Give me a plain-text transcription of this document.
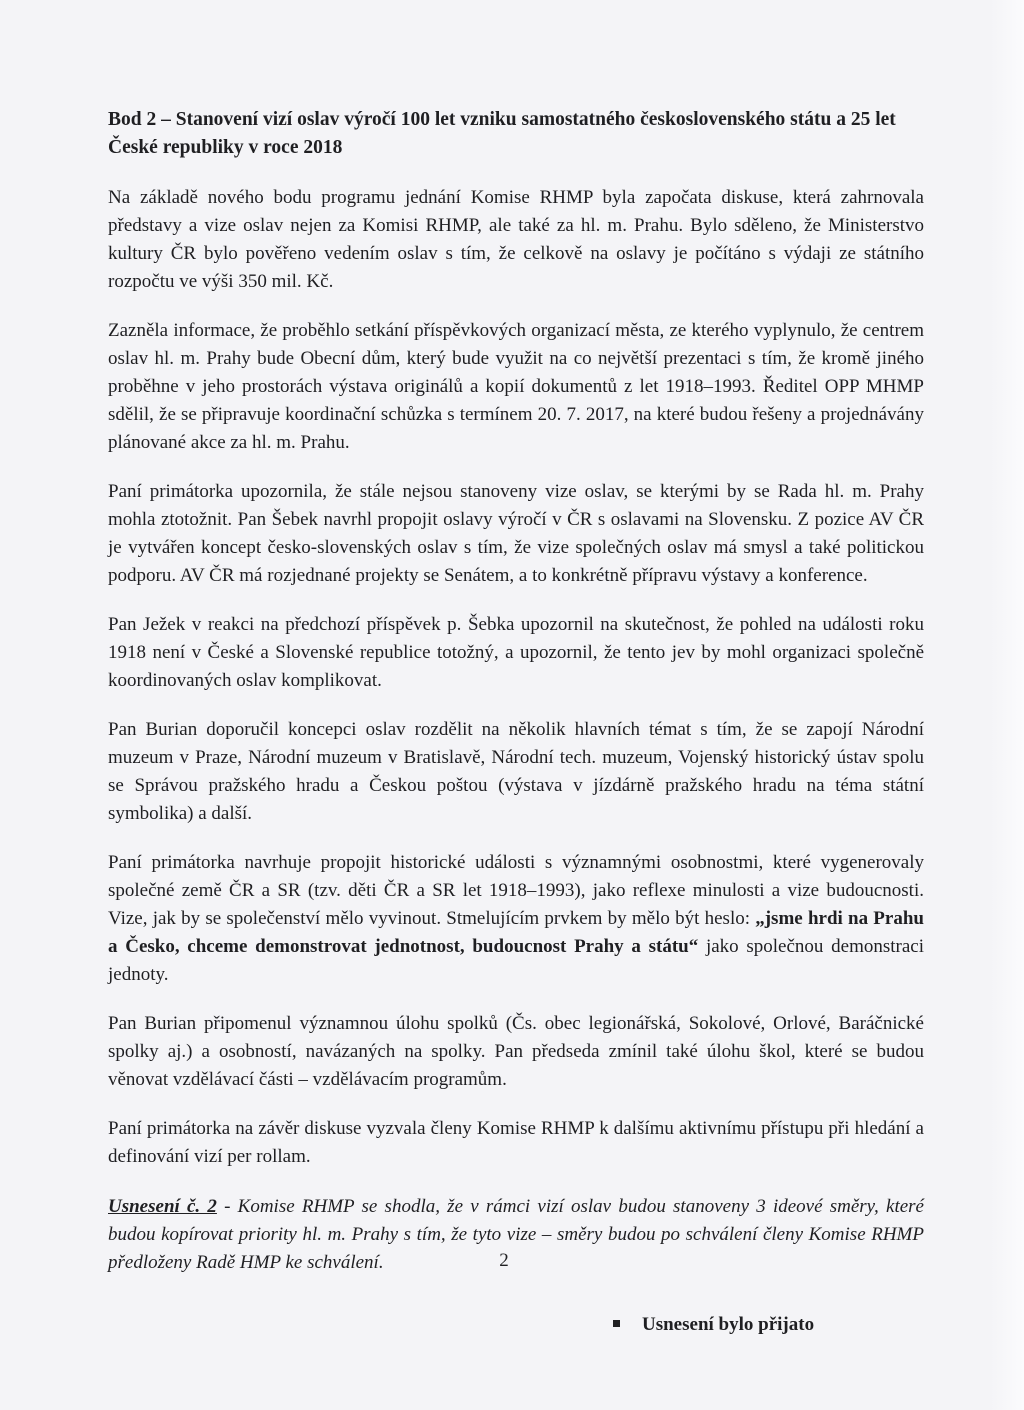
Bod 2 – Stanovení vizí oslav výročí 100 let vzniku samostatného československého státu a 25 let České republiky v roce 2018

Na základě nového bodu programu jednání Komise RHMP byla započata diskuse, která zahrnovala představy a vize oslav nejen za Komisi RHMP, ale také za hl. m. Prahu. Bylo sděleno, že Ministerstvo kultury ČR bylo pověřeno vedením oslav s tím, že celkově na oslavy je počítáno s výdaji ze státního rozpočtu ve výši 350 mil. Kč.

Zazněla informace, že proběhlo setkání příspěvkových organizací města, ze kterého vyplynulo, že centrem oslav hl. m. Prahy bude Obecní dům, který bude využit na co největší prezentaci s tím, že kromě jiného proběhne v jeho prostorách výstava originálů a kopií dokumentů z let 1918–1993. Ředitel OPP MHMP sdělil, že se připravuje koordinační schůzka s termínem 20. 7. 2017, na které budou řešeny a projednávány plánované akce za hl. m. Prahu.

Paní primátorka upozornila, že stále nejsou stanoveny vize oslav, se kterými by se Rada hl. m. Prahy mohla ztotožnit. Pan Šebek navrhl propojit oslavy výročí v ČR s oslavami na Slovensku. Z pozice AV ČR je vytvářen koncept česko-slovenských oslav s tím, že vize společných oslav má smysl a také politickou podporu. AV ČR má rozjednané projekty se Senátem, a to konkrétně přípravu výstavy a konference.

Pan Ježek v reakci na předchozí příspěvek p. Šebka upozornil na skutečnost, že pohled na události roku 1918 není v České a Slovenské republice totožný, a upozornil, že tento jev by mohl organizaci společně koordinovaných oslav komplikovat.

Pan Burian doporučil koncepci oslav rozdělit na několik hlavních témat s tím, že se zapojí Národní muzeum v Praze, Národní muzeum v Bratislavě, Národní tech. muzeum, Vojenský historický ústav spolu se Správou pražského hradu a Českou poštou (výstava v jízdárně pražského hradu na téma státní symbolika) a další.

Paní primátorka navrhuje propojit historické události s významnými osobnostmi, které vygenerovaly společné země ČR a SR (tzv. děti ČR a SR let 1918–1993), jako reflexe minulosti a vize budoucnosti. Vize, jak by se společenství mělo vyvinout. Stmelujícím prvkem by mělo být heslo: „jsme hrdi na Prahu a Česko, chceme demonstrovat jednotnost, budoucnost Prahy a státu“ jako společnou demonstraci jednoty.

Pan Burian připomenul významnou úlohu spolků (Čs. obec legionářská, Sokolové, Orlové, Baráčnické spolky aj.) a osobností, navázaných na spolky. Pan předseda zmínil také úlohu škol, které se budou věnovat vzdělávací části – vzdělávacím programům.

Paní primátorka na závěr diskuse vyzvala členy Komise RHMP k dalšímu aktivnímu přístupu při hledání a definování vizí per rollam.

Usnesení č. 2 - Komise RHMP se shodla, že v rámci vizí oslav budou stanoveny 3 ideové směry, které budou kopírovat priority hl. m. Prahy s tím, že tyto vize – směry budou po schválení členy Komise RHMP předloženy Radě HMP ke schválení.

Usnesení bylo přijato
2
